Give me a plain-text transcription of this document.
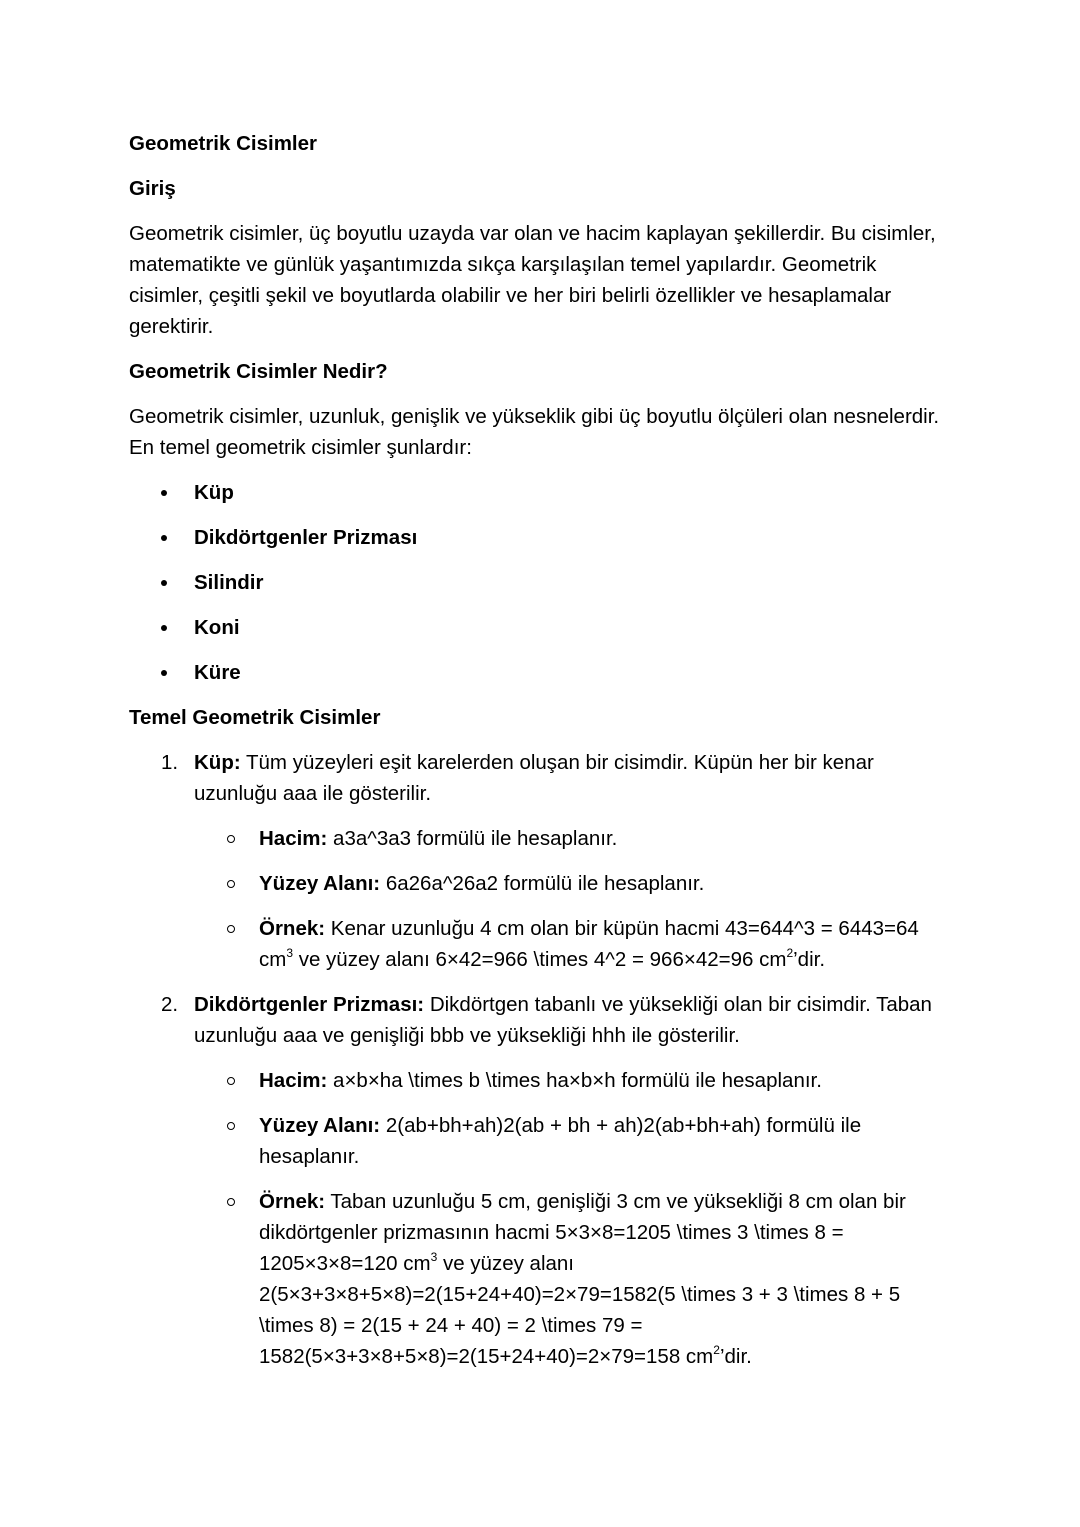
Geometrik Cisimler

Giriş

Geometrik cisimler, üç boyutlu uzayda var olan ve hacim kaplayan şekillerdir. Bu cisimler, matematikte ve günlük yaşantımızda sıkça karşılaşılan temel yapılardır. Geometrik cisimler, çeşitli şekil ve boyutlarda olabilir ve her biri belirli özellikler ve hesaplamalar gerektirir.

Geometrik Cisimler Nedir?

Geometrik cisimler, uzunluk, genişlik ve yükseklik gibi üç boyutlu ölçüleri olan nesnelerdir. En temel geometrik cisimler şunlardır:

Küp
Dikdörtgenler Prizması
Silindir
Koni
Küre

Temel Geometrik Cisimler

1. Küp: Tüm yüzeyleri eşit karelerden oluşan bir cisimdir. Küpün her bir kenar uzunluğu aaa ile gösterilir.
Hacim: a3a^3a3 formülü ile hesaplanır.
Yüzey Alanı: 6a26a^26a2 formülü ile hesaplanır.
Örnek: Kenar uzunluğu 4 cm olan bir küpün hacmi 43=644^3 = 6443=64 $cm^3$ ve yüzey alanı 6×42=966 \times 4^2 = 966×42=96 $cm^2’dir$.
2. Dikdörtgenler Prizması: Dikdörtgen tabanlı ve yüksekliği olan bir cisimdir. Taban uzunluğu aaa ve genişliği bbb ve yüksekliği hhh ile gösterilir.
Hacim: a×b×ha \times b \times ha×b×h formülü ile hesaplanır.
Yüzey Alanı: 2(ab+bh+ah)2(ab + bh + ah)2(ab+bh+ah) formülü ile hesaplanır.
Örnek: Taban uzunluğu 5 cm, genişliği 3 cm ve yüksekliği 8 cm olan bir dikdörtgenler prizmasının hacmi 5×3×8=1205 \times 3 \times 8 = 1205×3×8=120 $cm^3$ ve yüzey alanı 2(5×3+3×8+5×8)=2(15+24+40)=2×79=1582(5 \times 3 + 3 \times 8 + 5 \times 8) = 2(15 + 24 + 40) = 2 \times 79 = 1582(5×3+3×8+5×8)=2(15+24+40)=2×79=158 $cm^2’dir$.
